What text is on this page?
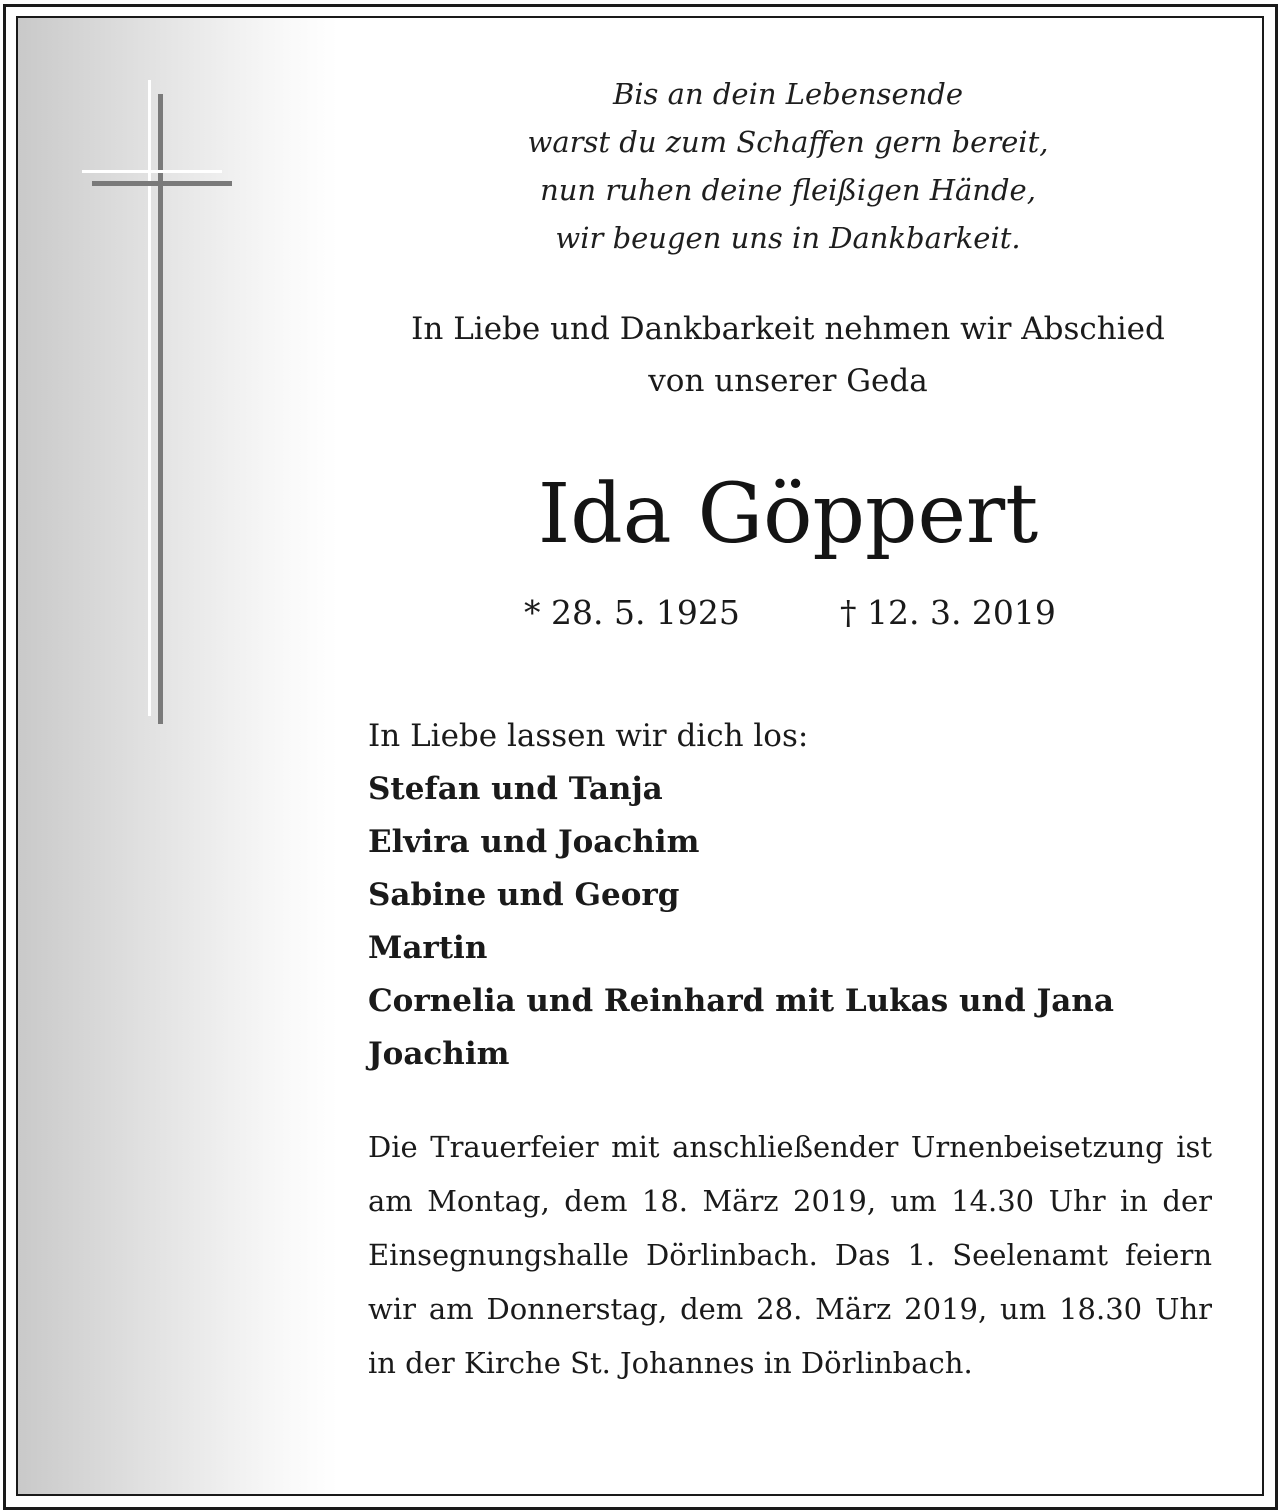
Bis an dein Lebensende
warst du zum Schaffen gern bereit,
nun ruhen deine fleißigen Hände,
wir beugen uns in Dankbarkeit.
In Liebe und Dankbarkeit nehmen wir Abschied
von unserer Geda
Ida Göppert
* 28. 5. 1925	† 12. 3. 2019
In Liebe lassen wir dich los:
Stefan und Tanja
Elvira und Joachim
Sabine und Georg
Martin
Cornelia und Reinhard mit Lukas und Jana
Joachim
Die Trauerfeier mit anschließender Urnenbeisetzung ist am Montag, dem 18. März 2019, um 14.30 Uhr in der Einsegnungshalle Dörlinbach. Das 1. Seelenamt feiern wir am Donnerstag, dem 28. März 2019, um 18.30 Uhr in der Kirche St. Johannes in Dörlinbach.
